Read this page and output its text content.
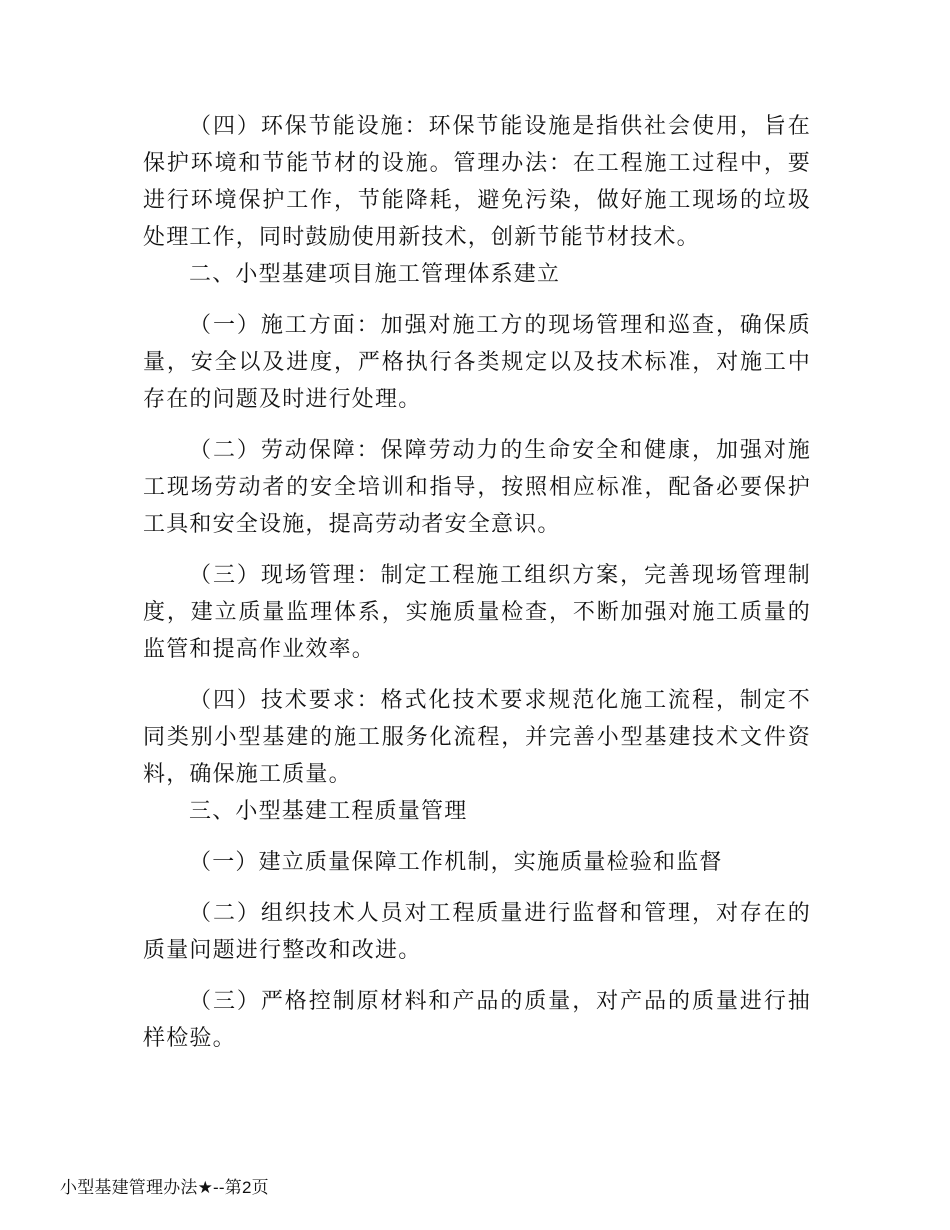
（四）环保节能设施：环保节能设施是指供社会使用，旨在保护环境和节能节材的设施。管理办法：在工程施工过程中，要进行环境保护工作，节能降耗，避免污染，做好施工现场的垃圾处理工作，同时鼓励使用新技术，创新节能节材技术。

二、小型基建项目施工管理体系建立

（一）施工方面：加强对施工方的现场管理和巡查，确保质量，安全以及进度，严格执行各类规定以及技术标准，对施工中存在的问题及时进行处理。

（二）劳动保障：保障劳动力的生命安全和健康，加强对施工现场劳动者的安全培训和指导，按照相应标准，配备必要保护工具和安全设施，提高劳动者安全意识。

（三）现场管理：制定工程施工组织方案，完善现场管理制度，建立质量监理体系，实施质量检查，不断加强对施工质量的监管和提高作业效率。

（四）技术要求：格式化技术要求规范化施工流程，制定不同类别小型基建的施工服务化流程，并完善小型基建技术文件资料，确保施工质量。

三、小型基建工程质量管理

（一）建立质量保障工作机制，实施质量检验和监督

（二）组织技术人员对工程质量进行监督和管理，对存在的质量问题进行整改和改进。

（三）严格控制原材料和产品的质量，对产品的质量进行抽样检验。

小型基建管理办法★--第2页
